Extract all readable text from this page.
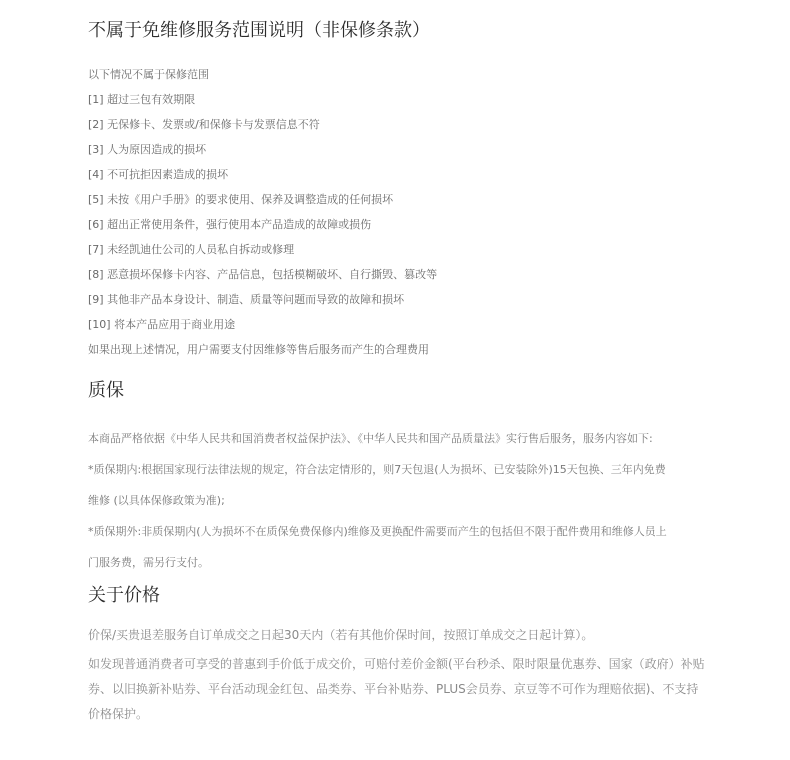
不属于免维修服务范围说明（非保修条款）
以下情况不属于保修范围
[1] 超过三包有效期限
[2] 无保修卡、发票或/和保修卡与发票信息不符
[3] 人为原因造成的损坏
[4] 不可抗拒因素造成的损坏
[5] 未按《用户手册》的要求使用、保养及调整造成的任何损坏
[6] 超出正常使用条件，强行使用本产品造成的故障或损伤
[7] 未经凯迪仕公司的人员私自拆动或修理
[8] 恶意损坏保修卡内容、产品信息，包括模糊破坏、自行撕毁、篡改等
[9] 其他非产品本身设计、制造、质量等问题而导致的故障和损坏
[10] 将本产品应用于商业用途
如果出现上述情况，用户需要支付因维修等售后服务而产生的合理费用
质保

本商品严格依据《中华人民共和国消费者权益保护法》、《中华人民共和国产品质量法》实行售后服务，服务内容如下:

*质保期内:根据国家现行法律法规的规定，符合法定情形的，则7天包退(人为损坏、已安装除外)15天包换、三年内免费

维修 (以具体保修政策为准);

*质保期外:非质保期内(人为损坏不在质保免费保修内)维修及更换配件需要而产生的包括但不限于配件费用和维修人员上

门服务费，需另行支付。

关于价格

价保/买贵退差服务自订单成交之日起30天内（若有其他价保时间，按照订单成交之日起计算）。

如发现普通消费者可享受的普惠到手价低于成交价，可赔付差价金额(平台秒杀、限时限量优惠券、国家（政府）补贴券、以旧换新补贴券、平台活动现金红包、品类券、平台补贴券、PLUS会员券、京豆等不可作为理赔依据)、不支持价格保护。
